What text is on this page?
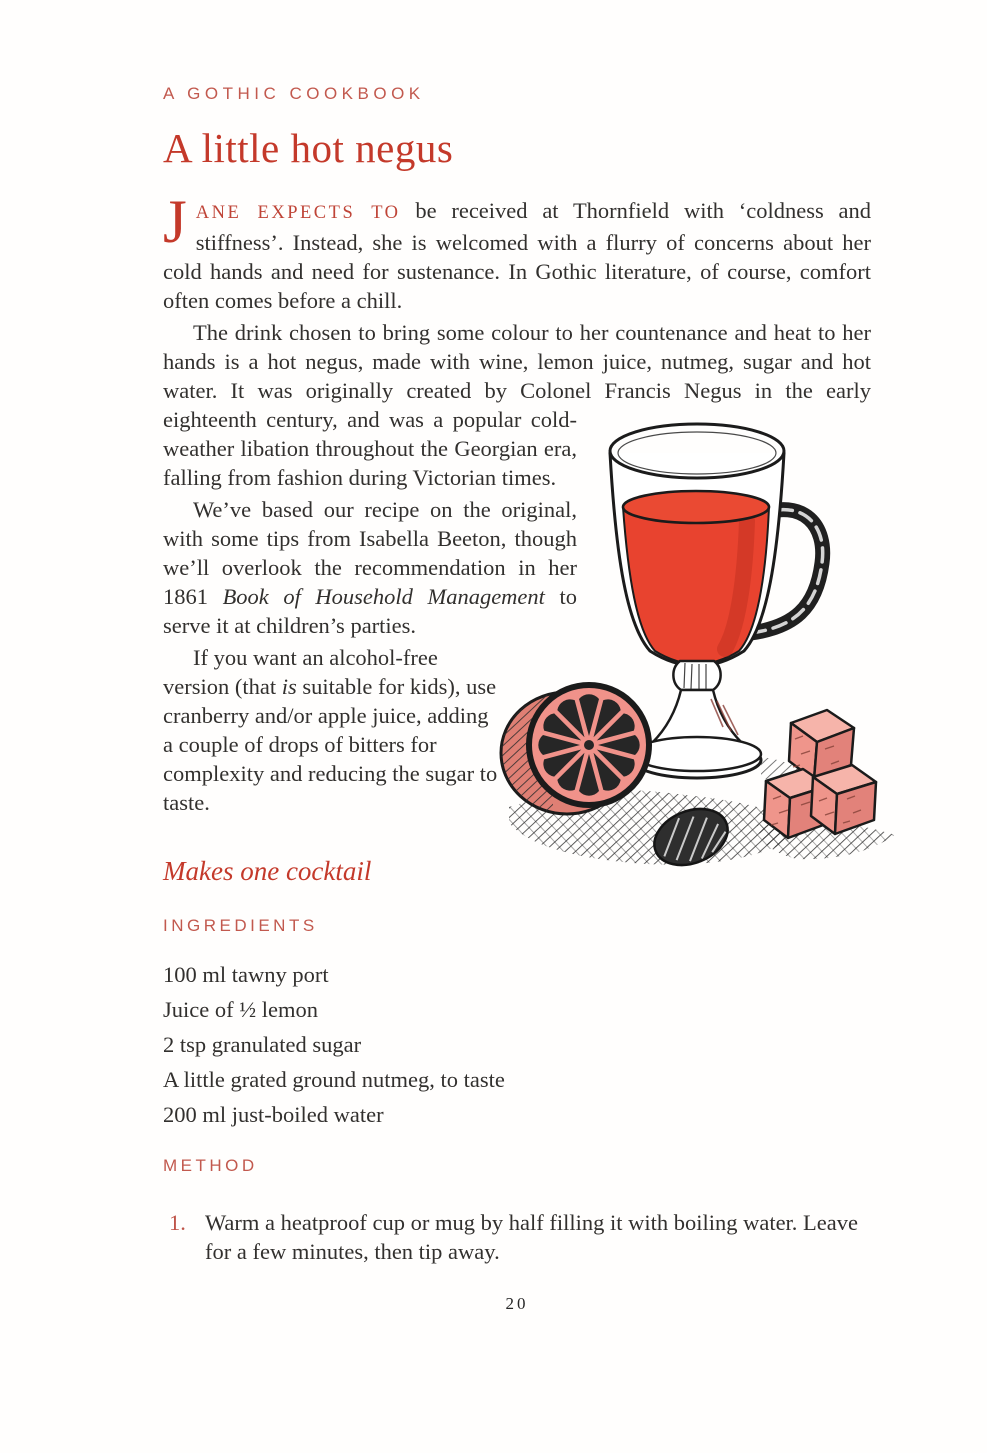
A GOTHIC COOKBOOK
A little hot negus

JANE EXPECTS TO be received at Thornfield with ‘coldness and stiffness’. Instead, she is welcomed with a flurry of concerns about her cold hands and need for sustenance. In Gothic literature, of course, comfort often comes before a chill.

The drink chosen to bring some colour to her countenance and heat to her hands is a hot negus, made with wine, lemon juice, nutmeg, sugar and hot water. It was originally created by Colonel Francis Negus in the early
eighteenth century, and was a popular cold-weather libation throughout the Georgian era, falling from fashion during Victorian times.

We’ve based our recipe on the original, with some tips from Isabella Beeton, though we’ll overlook the recommendation in her 1861 Book of Household Management to serve it at children’s parties.

If you want an alcohol-free version (that is suitable for kids), use cranberry and/or apple juice, adding a couple of drops of bitters for complexity and reducing the sugar to taste.

Makes one cocktail

INGREDIENTS
100 ml tawny port
Juice of ½ lemon
2 tsp granulated sugar
A little grated ground nutmeg, to taste
200 ml just-boiled water
METHOD
1. Warm a heatproof cup or mug by half filling it with boiling water. Leave for a few minutes, then tip away.
20
